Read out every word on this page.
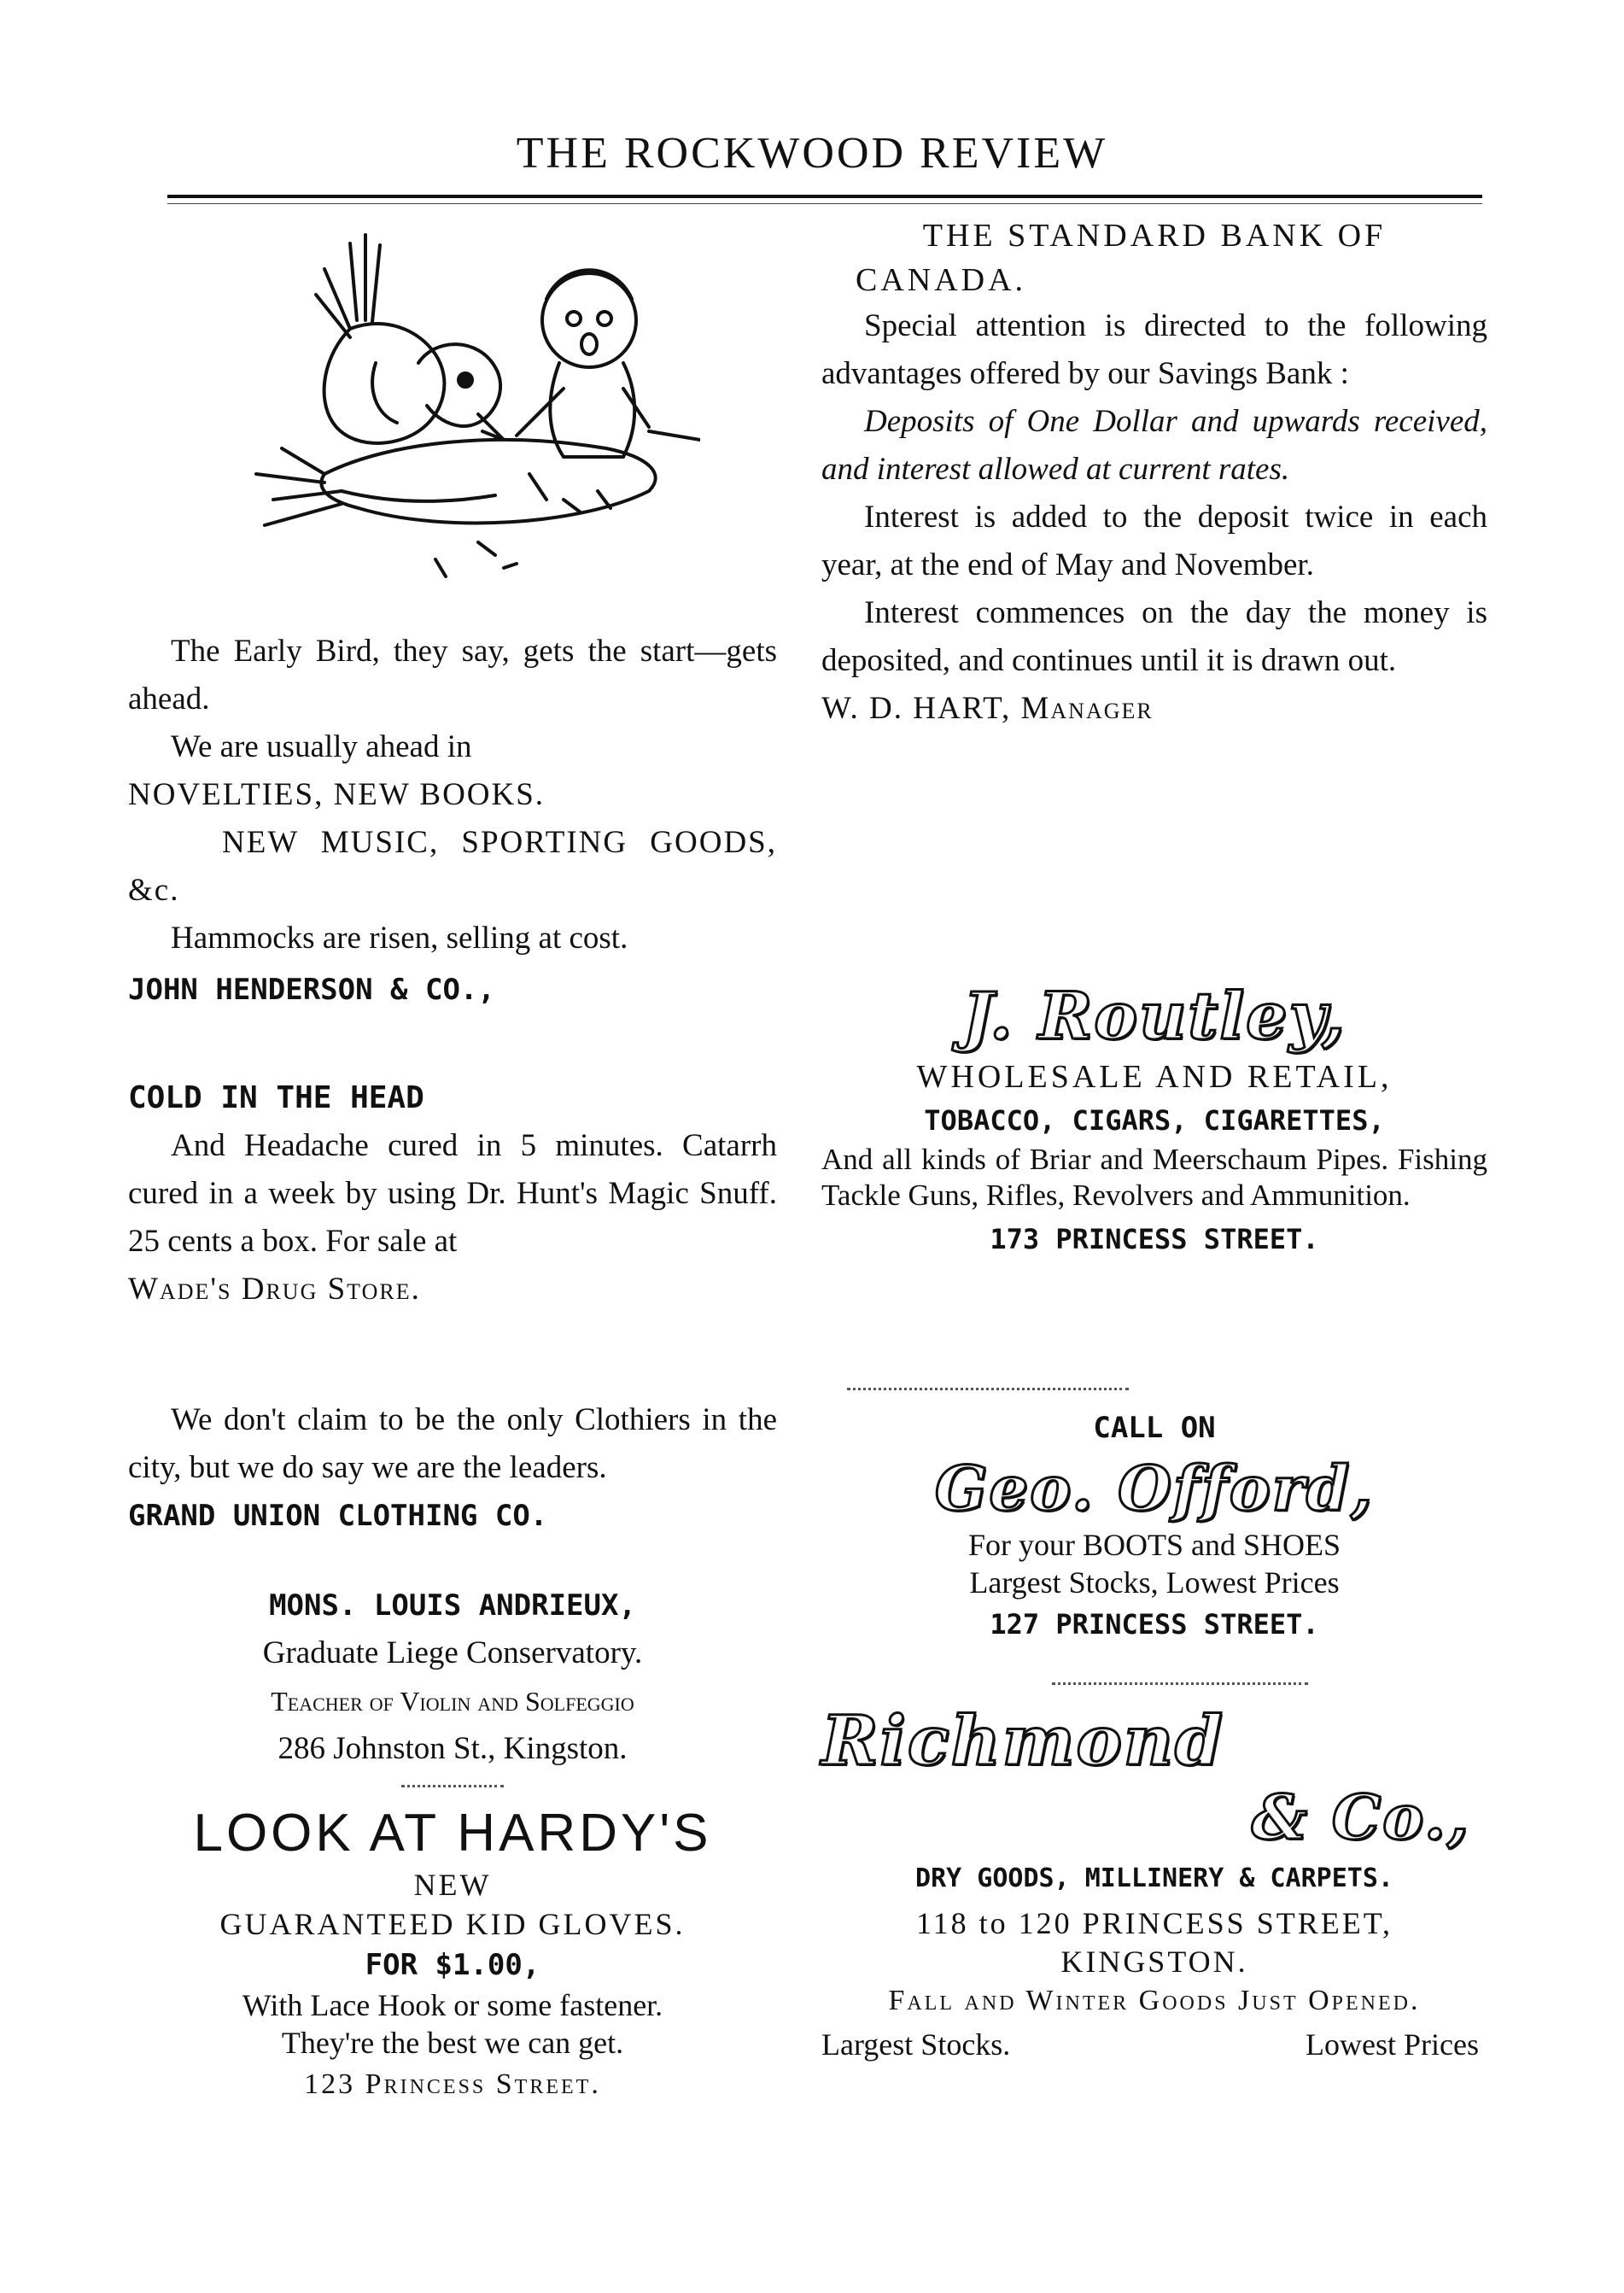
THE ROCKWOOD REVIEW
The Early Bird, they say, gets the start—gets ahead.
We are usually ahead in
NOVELTIES, NEW BOOKS.
NEW MUSIC, SPORTING GOODS, &c.
Hammocks are risen, selling at cost.
JOHN HENDERSON & CO.,
COLD IN THE HEAD
And Headache cured in 5 minutes. Catarrh cured in a week by using Dr. Hunt's Magic Snuff. 25 cents a box. For sale at
Wade's Drug Store.
We don't claim to be the only Clothiers in the city, but we do say we are the leaders.
GRAND UNION CLOTHING CO.
MONS. LOUIS ANDRIEUX,
Graduate Liege Conservatory.
Teacher of Violin and Solfeggio
286 Johnston St., Kingston.
LOOK AT HARDY'S
NEW
GUARANTEED KID GLOVES.
FOR $1.00,
With Lace Hook or some fastener.
They're the best we can get.
123 Princess Street.
THE STANDARD BANK OF CANADA.
Special attention is directed to the following advantages offered by our Savings Bank :
Deposits of One Dollar and upwards received, and interest allowed at current rates.
Interest is added to the deposit twice in each year, at the end of May and November.
Interest commences on the day the money is deposited, and continues until it is drawn out.
W. D. HART, Manager
J. Routley,
WHOLESALE AND RETAIL,
TOBACCO, CIGARS, CIGARETTES,
And all kinds of Briar and Meerschaum Pipes. Fishing Tackle Guns, Rifles, Revolvers and Ammunition.
173 PRINCESS STREET.
CALL ON
Geo. Offord,
For your BOOTS and SHOES
Largest Stocks, Lowest Prices
127 PRINCESS STREET.
Richmond
& Co.,
DRY GOODS, MILLINERY & CARPETS.
118 to 120 PRINCESS STREET,
KINGSTON.
Fall and Winter Goods Just Opened.
Largest Stocks.	Lowest Prices
